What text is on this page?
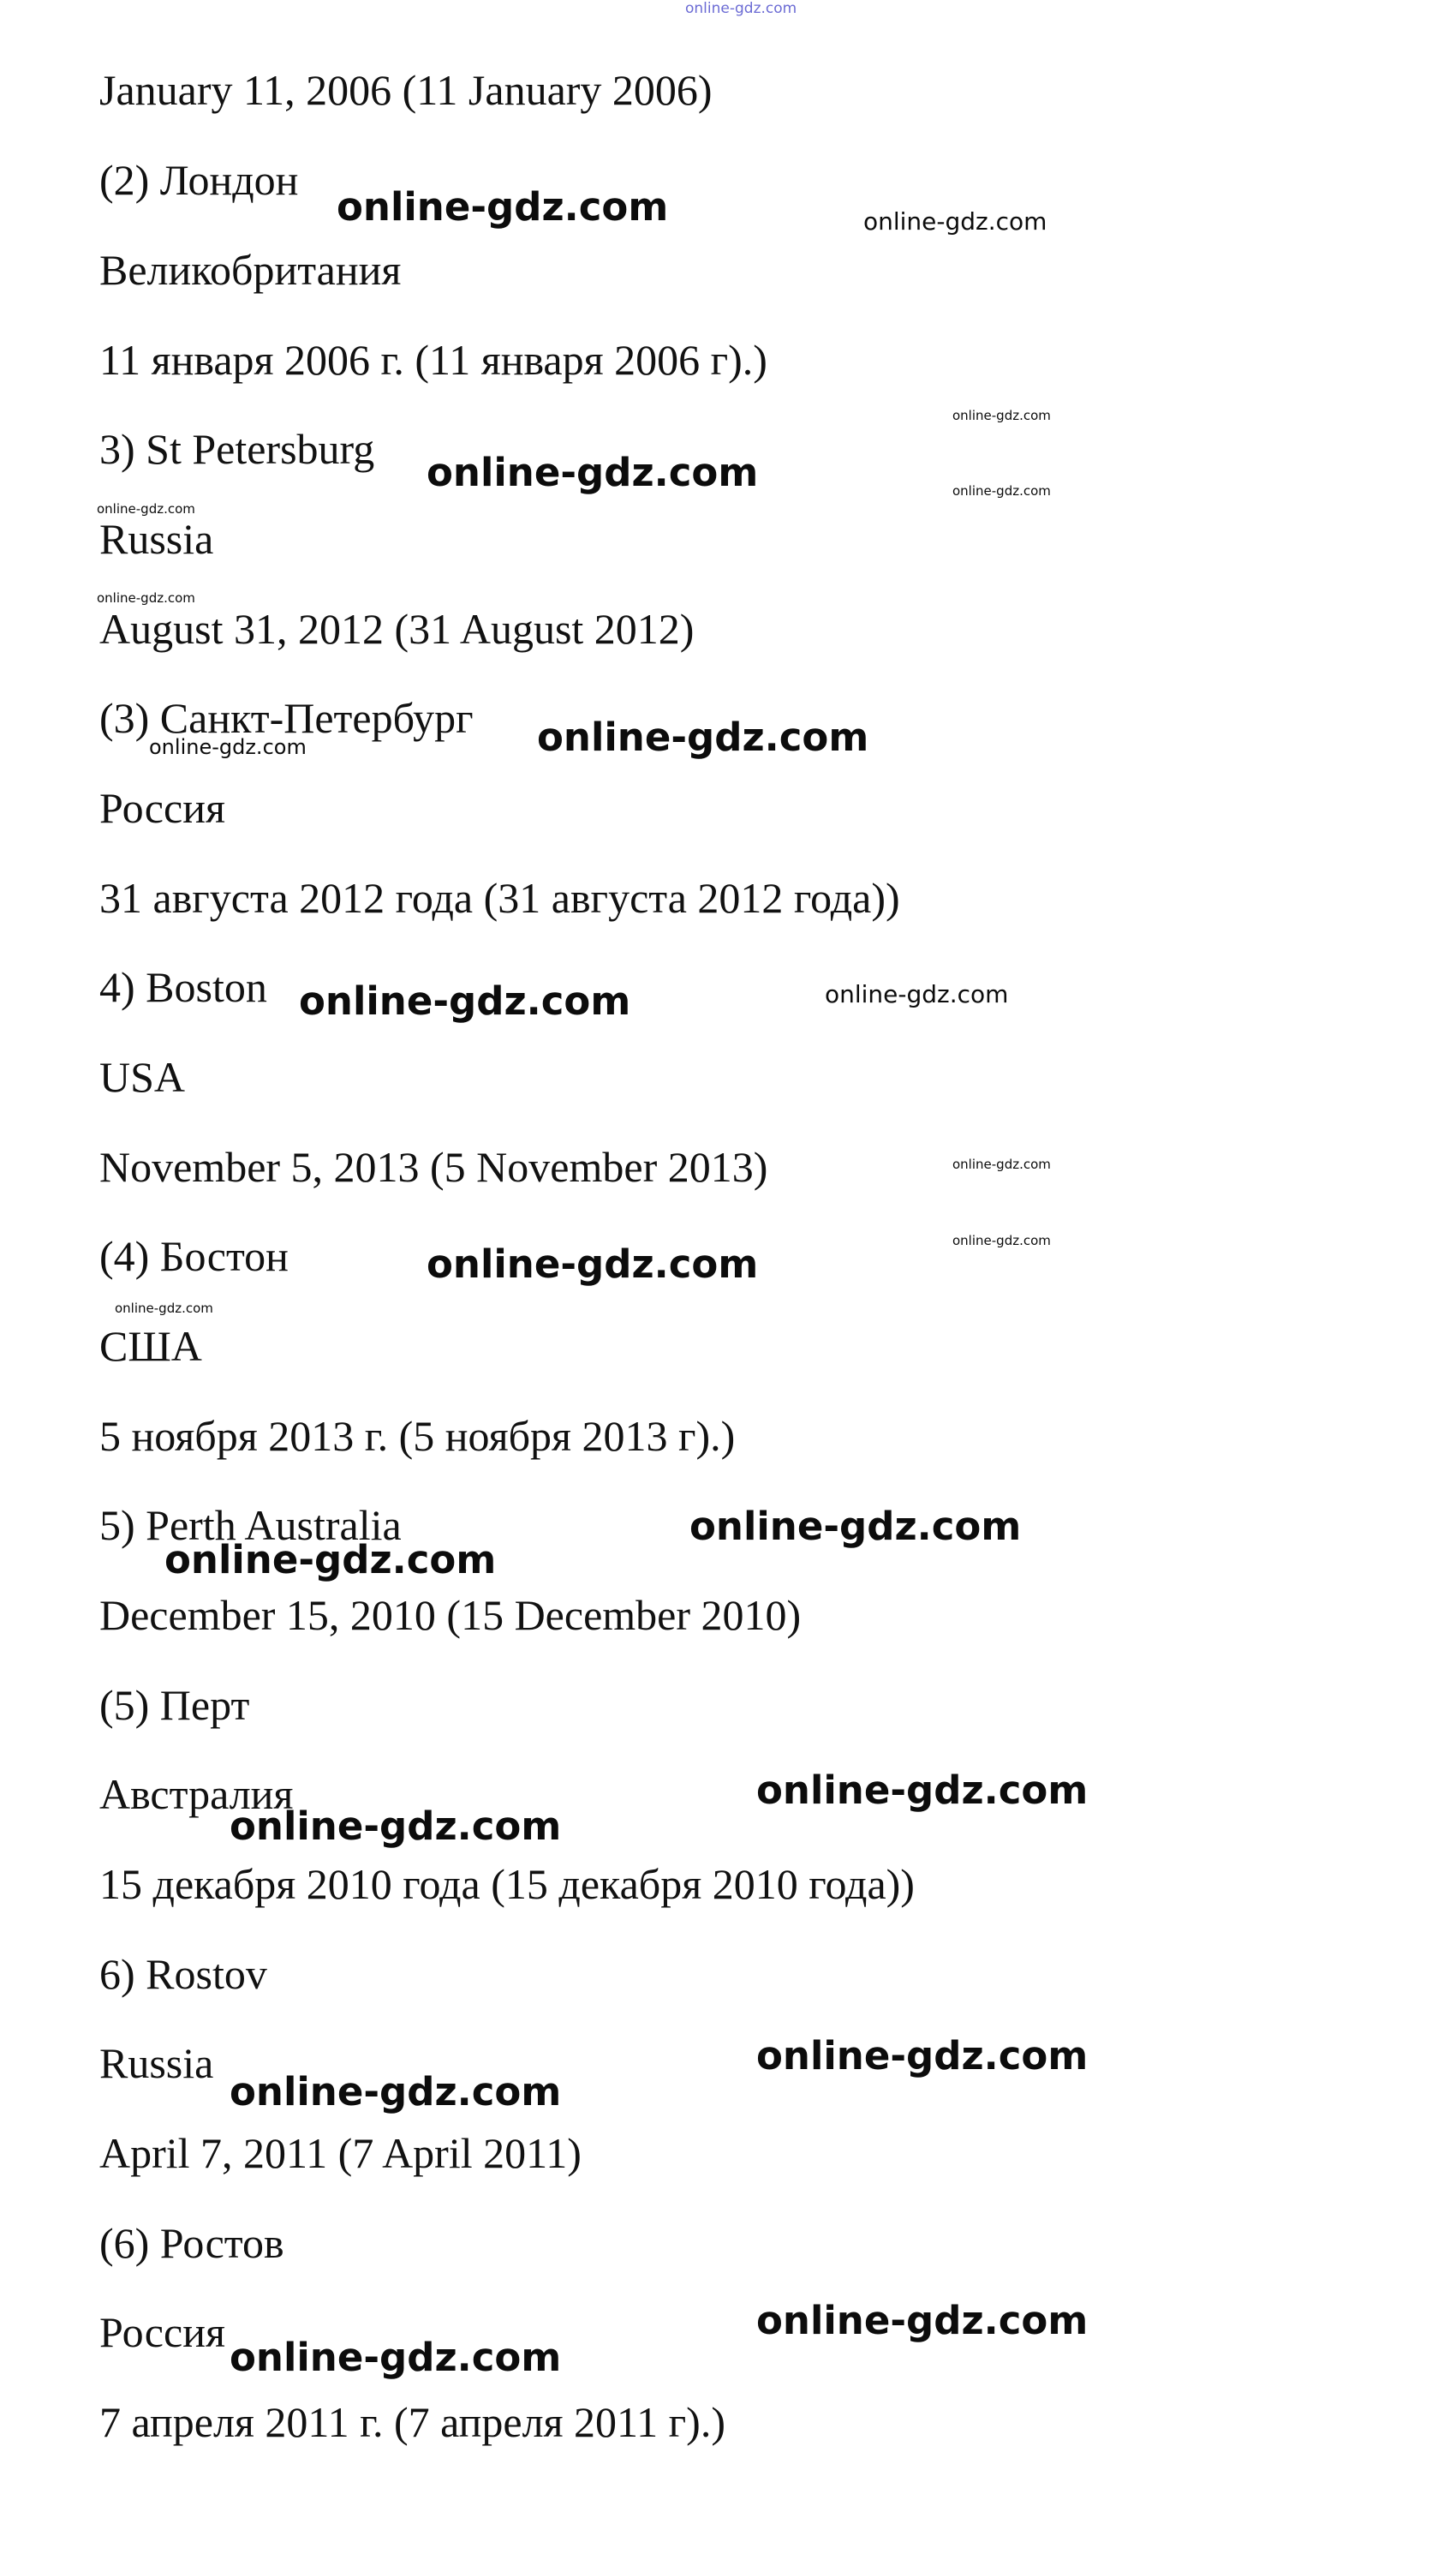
online-gdz.com

January 11, 2006 (11 January 2006)

(2) Лондон

Великобритания

11 января 2006 г. (11 января 2006 г).)

3) St Petersburg

Russia

August 31, 2012 (31 August 2012)

(3) Санкт-Петербург

Россия

31 августа 2012 года (31 августа 2012 года))

4) Boston

USA

November 5, 2013 (5 November 2013)

(4) Бостон

США

5 ноября 2013 г. (5 ноября 2013 г).)

5) Perth Australia

December 15, 2010 (15 December 2010)

(5) Перт

Австралия

15 декабря 2010 года (15 декабря 2010 года))

6) Rostov

Russia

April 7, 2011 (7 April 2011)

(6) Ростов

Россия

7 апреля 2011 г. (7 апреля 2011 г).)

online-gdz.com	online-gdz.com
online-gdz.com
online-gdz.com	online-gdz.com
online-gdz.com
online-gdz.com
online-gdz.com
online-gdz.com
online-gdz.com	online-gdz.com
online-gdz.com
online-gdz.com
online-gdz.com
online-gdz.com
online-gdz.com
online-gdz.com
online-gdz.com
online-gdz.com
online-gdz.com
online-gdz.com
online-gdz.com
online-gdz.com
